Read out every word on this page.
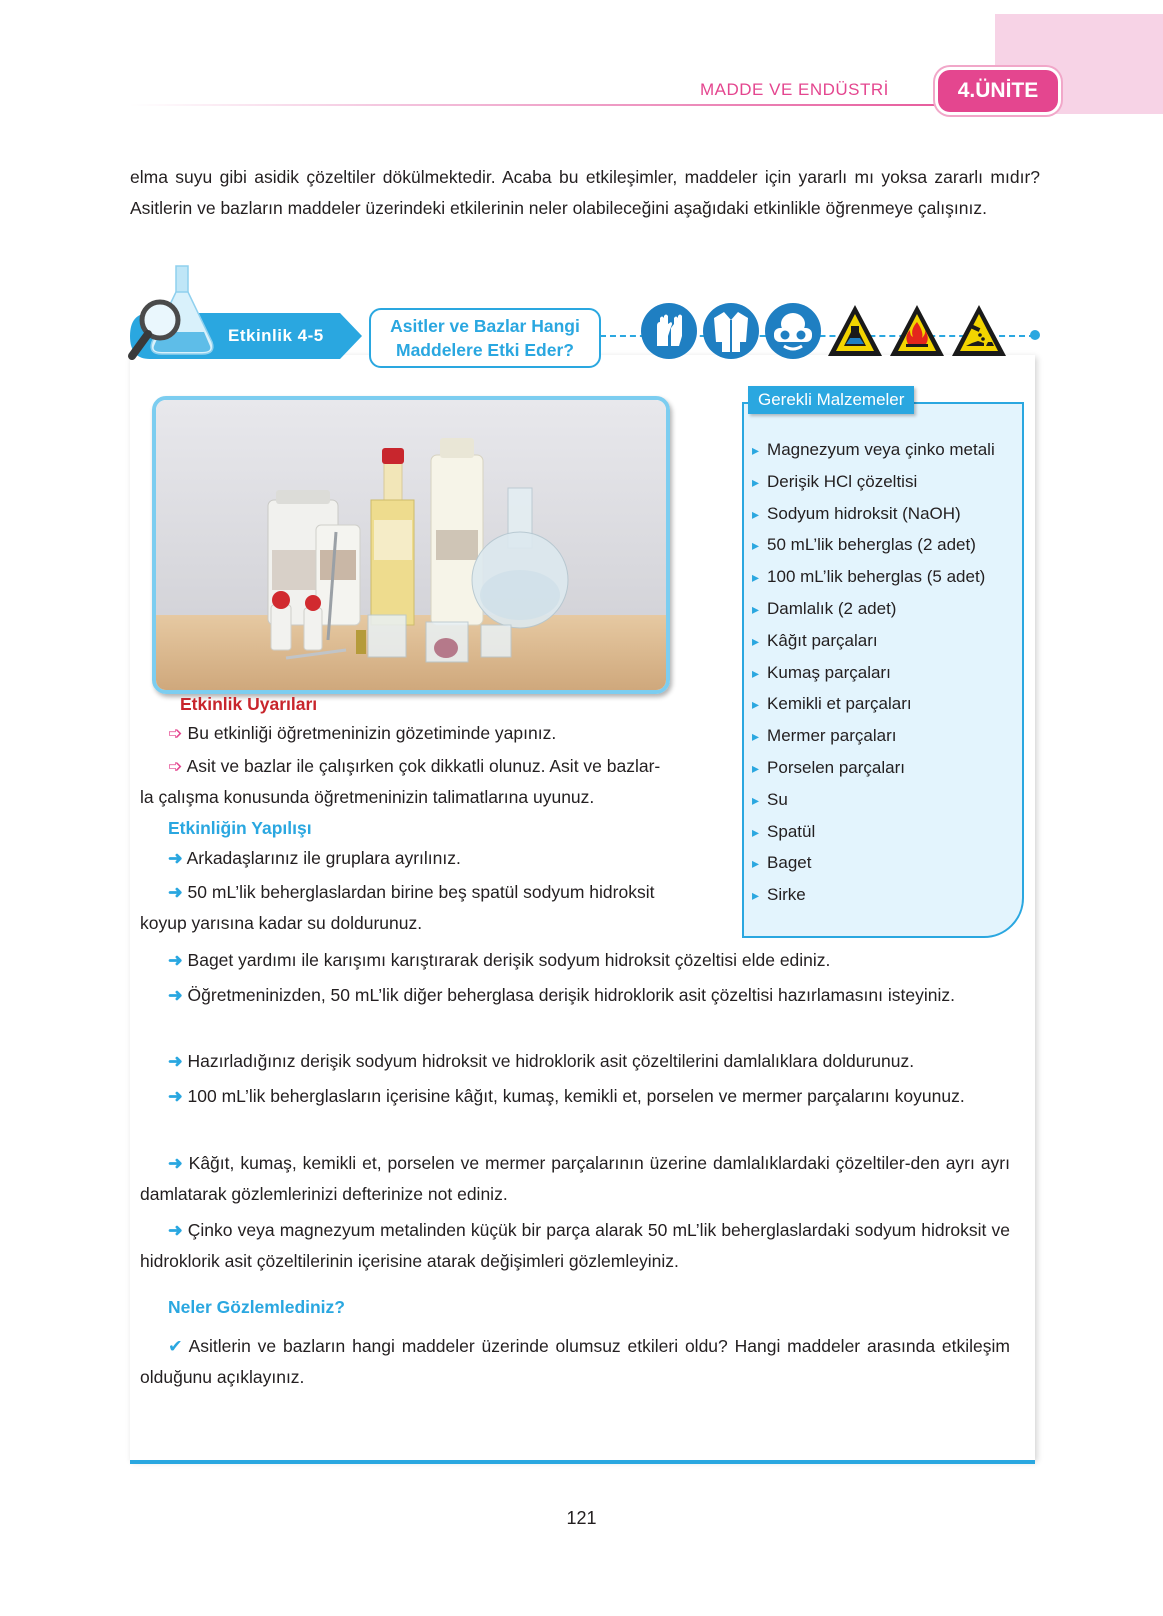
MADDE VE ENDÜSTRİ	4.ÜNİTE
elma suyu gibi asidik çözeltiler dökülmektedir. Acaba bu etkileşimler, maddeler için yararlı mı yoksa zararlı mıdır? Asitlerin ve bazların maddeler üzerindeki etkilerinin neler olabileceğini aşağıdaki etkinlikle öğrenmeye çalışınız.
Etkinlik 4-5	Asitler ve Bazlar Hangi
Maddelere Etki Eder?
Gerekli Malzemeler
▸ Magnezyum veya çinko metali
▸ Derişik HCl çözeltisi
▸ Sodyum hidroksit (NaOH)
▸ 50 mL’lik beherglas (2 adet)
▸ 100 mL’lik beherglas (5 adet)
▸ Damlalık (2 adet)
▸ Kâğıt parçaları
▸ Kumaş parçaları
▸ Kemikli et parçaları
▸ Mermer parçaları
▸ Porselen parçaları
▸ Su
▸ Spatül
▸ Baget
▸ Sirke
Etkinlik Uyarıları
➩ Bu etkinliği öğretmeninizin gözetiminde yapınız.
➩ Asit ve bazlar ile çalışırken çok dikkatli olunuz. Asit ve bazlar-
la çalışma konusunda öğretmeninizin talimatlarına uyunuz.
Etkinliğin Yapılışı
➜ Arkadaşlarınız ile gruplara ayrılınız.
➜ 50 mL’lik beherglaslardan birine beş spatül sodyum hidroksit
koyup yarısına kadar su doldurunuz.
➜ Baget yardımı ile karışımı karıştırarak derişik sodyum hidroksit çözeltisi elde ediniz.
➜ Öğretmeninizden, 50 mL’lik diğer beherglasa derişik hidroklorik asit çözeltisi hazırlamasını isteyiniz.
➜ Hazırladığınız derişik sodyum hidroksit ve hidroklorik asit çözeltilerini damlalıklara doldurunuz.
➜ 100 mL’lik beherglasların içerisine kâğıt, kumaş, kemikli et, porselen ve mermer parçalarını koyunuz.
➜ Kâğıt, kumaş, kemikli et, porselen ve mermer parçalarının üzerine damlalıklardaki çözeltiler-den ayrı ayrı damlatarak gözlemlerinizi defterinize not ediniz.
➜ Çinko veya magnezyum metalinden küçük bir parça alarak 50 mL’lik beherglaslardaki sodyum hidroksit ve hidroklorik asit çözeltilerinin içerisine atarak değişimleri gözlemleyiniz.
Neler Gözlemlediniz?
✔ Asitlerin ve bazların hangi maddeler üzerinde olumsuz etkileri oldu? Hangi maddeler arasında etkileşim olduğunu açıklayınız.
121
